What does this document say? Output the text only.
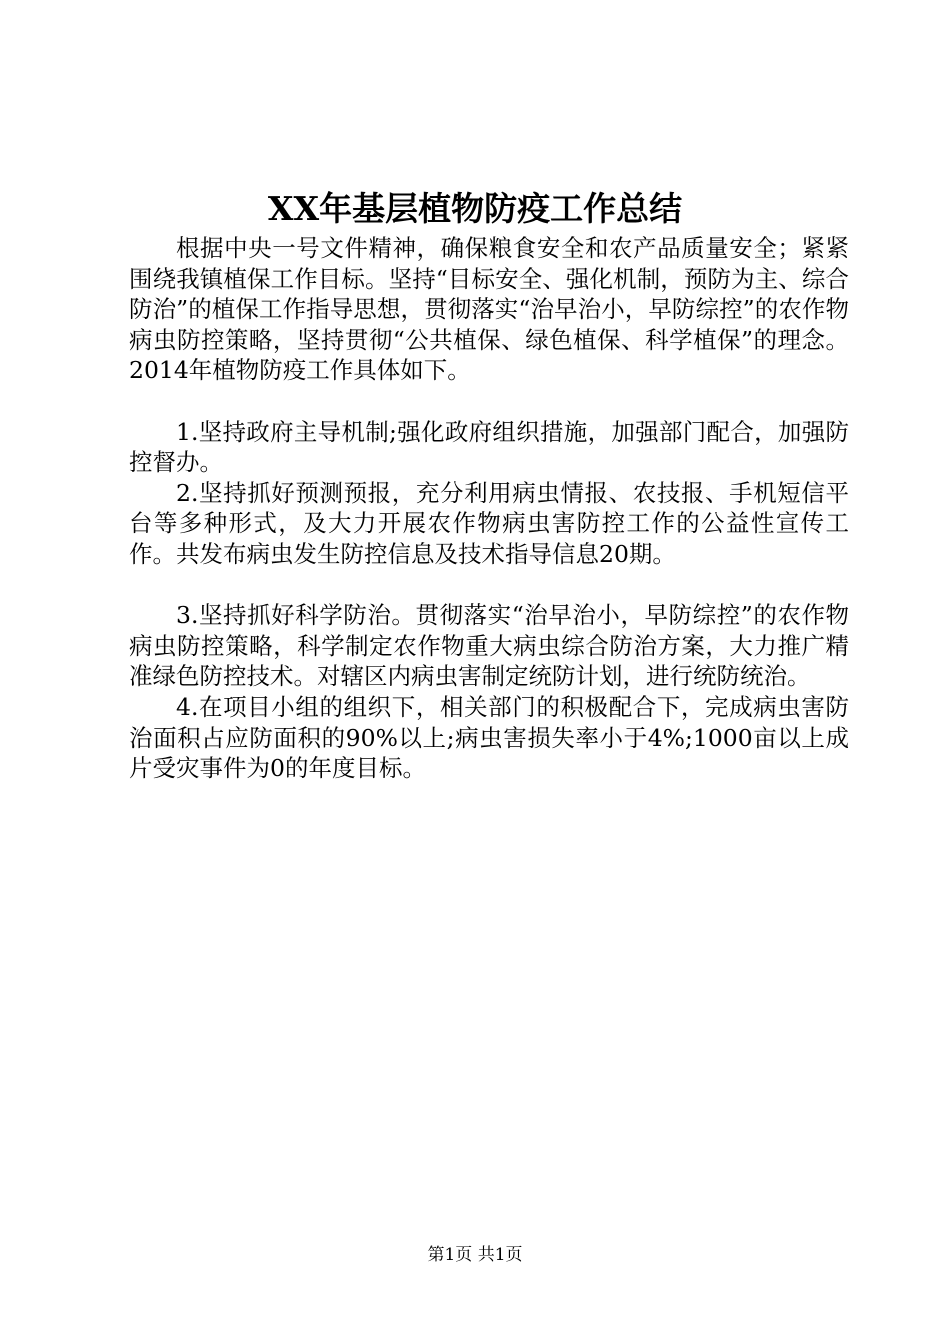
XX年基层植物防疫工作总结

根据中央一号文件精神，确保粮食安全和农产品质量安全；紧紧围绕我镇植保工作目标。坚持“目标安全、强化机制，预防为主、综合防治”的植保工作指导思想，贯彻落实“治早治小，早防综控”的农作物病虫防控策略，坚持贯彻“公共植保、绿色植保、科学植保”的理念。2014年植物防疫工作具体如下。

1.坚持政府主导机制;强化政府组织措施，加强部门配合，加强防控督办。

2.坚持抓好预测预报，充分利用病虫情报、农技报、手机短信平台等多种形式，及大力开展农作物病虫害防控工作的公益性宣传工作。共发布病虫发生防控信息及技术指导信息20期。

3.坚持抓好科学防治。贯彻落实“治早治小，早防综控”的农作物病虫防控策略，科学制定农作物重大病虫综合防治方案，大力推广精准绿色防控技术。对辖区内病虫害制定统防计划，进行统防统治。

4.在项目小组的组织下，相关部门的积极配合下，完成病虫害防治面积占应防面积的90%以上;病虫害损失率小于4%;1000亩以上成片受灾事件为0的年度目标。

第1页 共1页
